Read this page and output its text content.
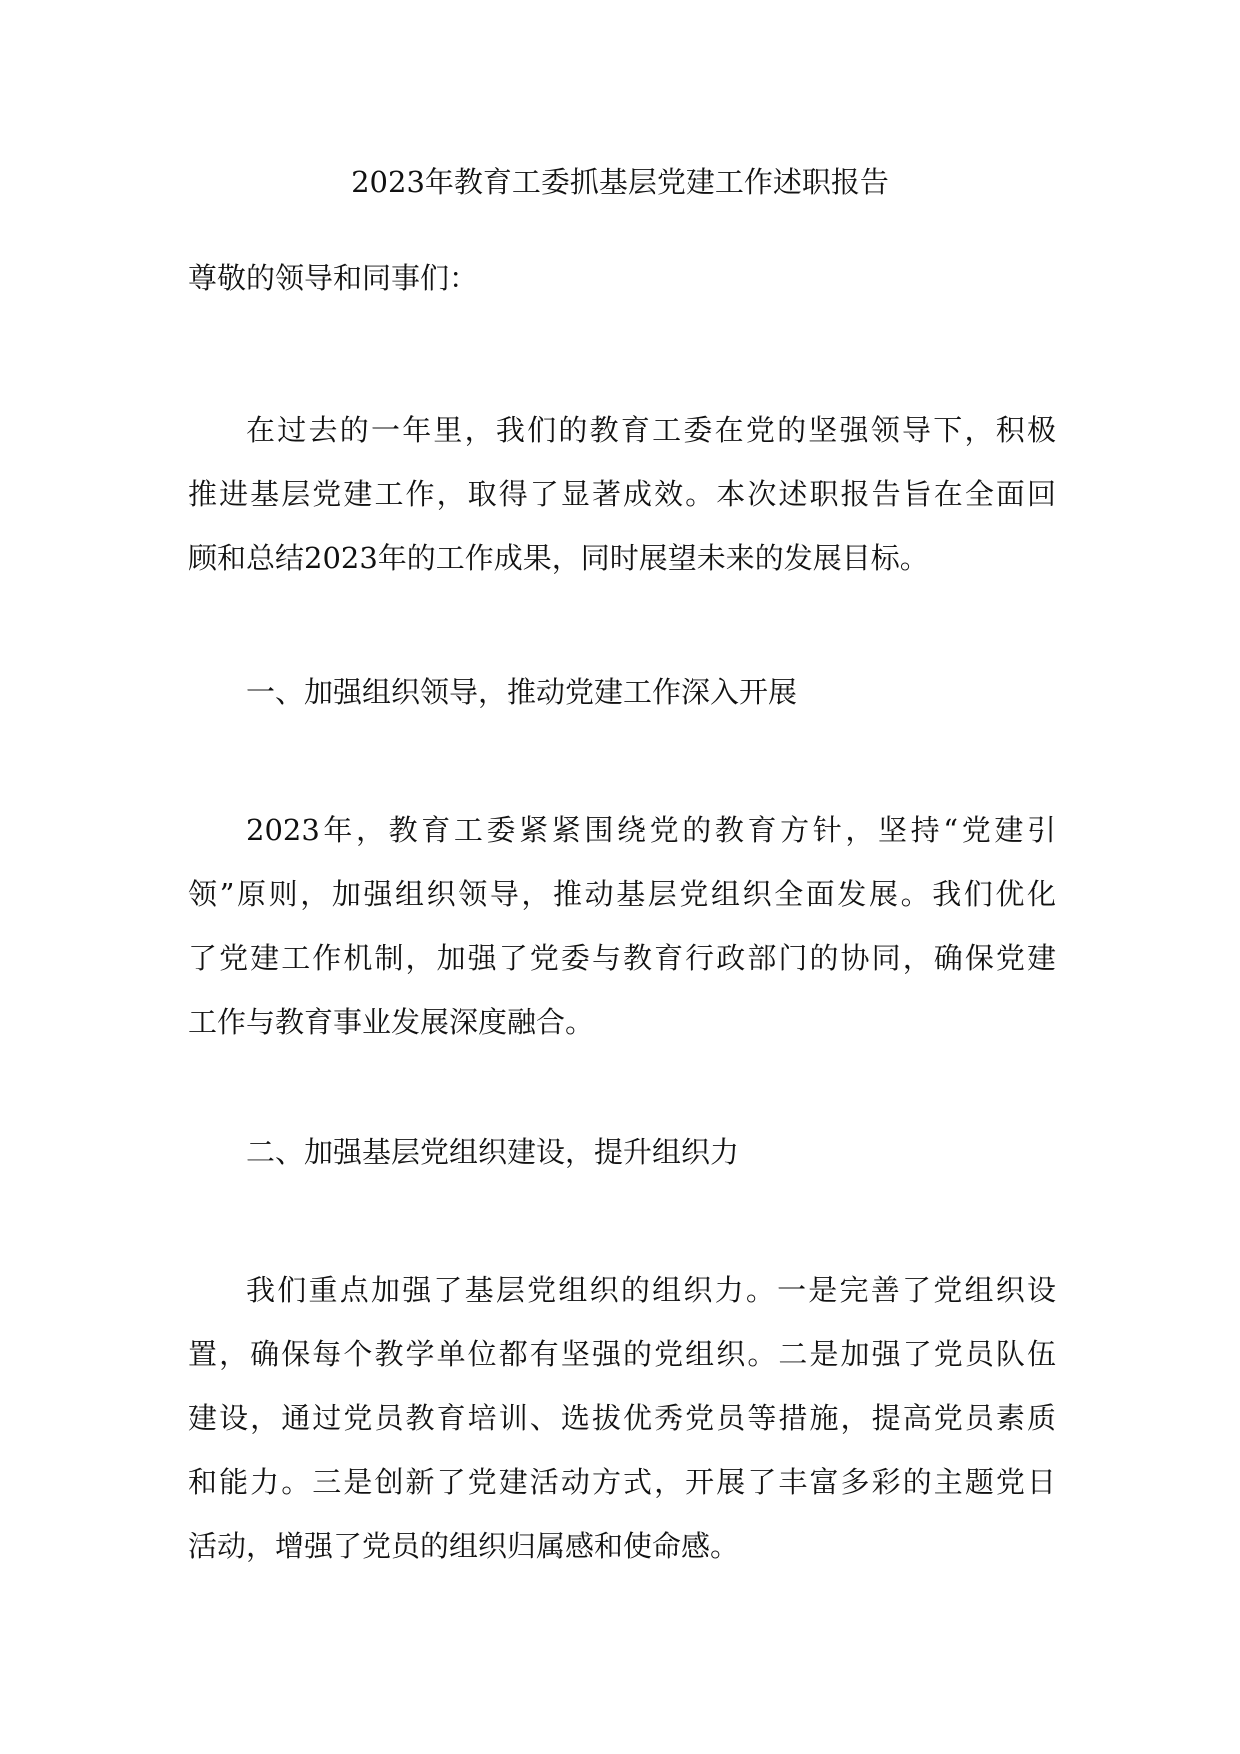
2023年教育工委抓基层党建工作述职报告

尊敬的领导和同事们：

在过去的一年里，我们的教育工委在党的坚强领导下，积极
推进基层党建工作，取得了显著成效。本次述职报告旨在全面回
顾和总结2023年的工作成果，同时展望未来的发展目标。
一、加强组织领导，推动党建工作深入开展
2023年，教育工委紧紧围绕党的教育方针，坚持“党建引
领”原则，加强组织领导，推动基层党组织全面发展。我们优化
了党建工作机制，加强了党委与教育行政部门的协同，确保党建
工作与教育事业发展深度融合。
二、加强基层党组织建设，提升组织力
我们重点加强了基层党组织的组织力。一是完善了党组织设
置，确保每个教学单位都有坚强的党组织。二是加强了党员队伍
建设，通过党员教育培训、选拔优秀党员等措施，提高党员素质
和能力。三是创新了党建活动方式，开展了丰富多彩的主题党日
活动，增强了党员的组织归属感和使命感。
